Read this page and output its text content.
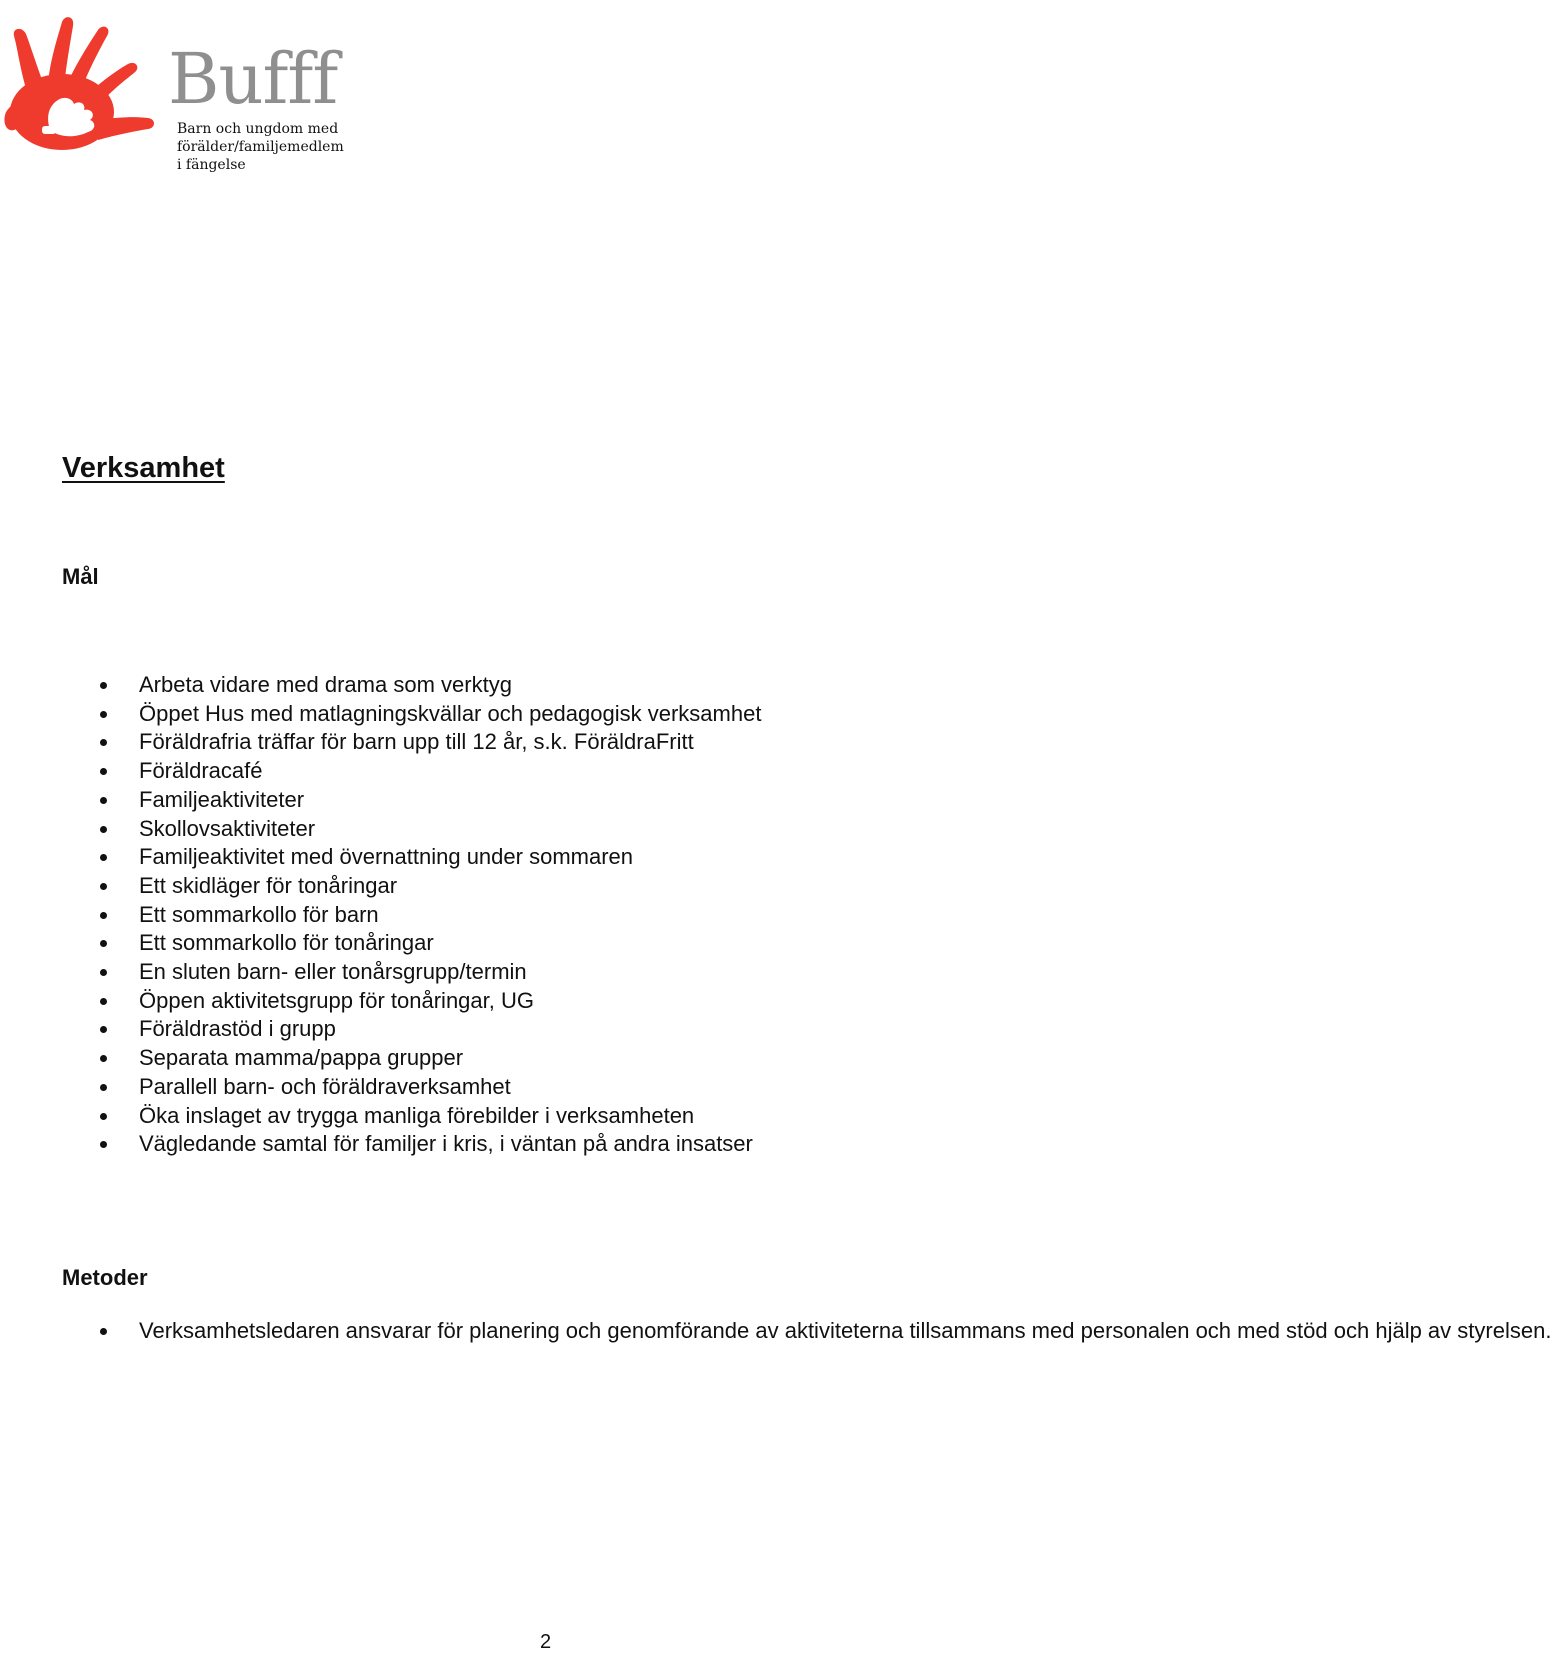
Bufff
Barn och ungdom med
förälder/familjemedlem
i fängelse
Verksamhet
Mål
Arbeta vidare med drama som verktyg
Öppet Hus med matlagningskvällar och pedagogisk verksamhet
Föräldrafria träffar för barn upp till 12 år, s.k. FöräldraFritt
Föräldracafé
Familjeaktiviteter
Skollovsaktiviteter
Familjeaktivitet med övernattning under sommaren
Ett skidläger för tonåringar
Ett sommarkollo för barn
Ett sommarkollo för tonåringar
En sluten barn- eller tonårsgrupp/termin
Öppen aktivitetsgrupp för tonåringar, UG
Föräldrastöd i grupp
Separata mamma/pappa grupper
Parallell barn- och föräldraverksamhet
Öka inslaget av trygga manliga förebilder i verksamheten
Vägledande samtal för familjer i kris, i väntan på andra insatser
Metoder
Verksamhetsledaren ansvarar för planering och genomförande av aktiviteterna tillsammans med personalen och med stöd och hjälp av styrelsen.
2
